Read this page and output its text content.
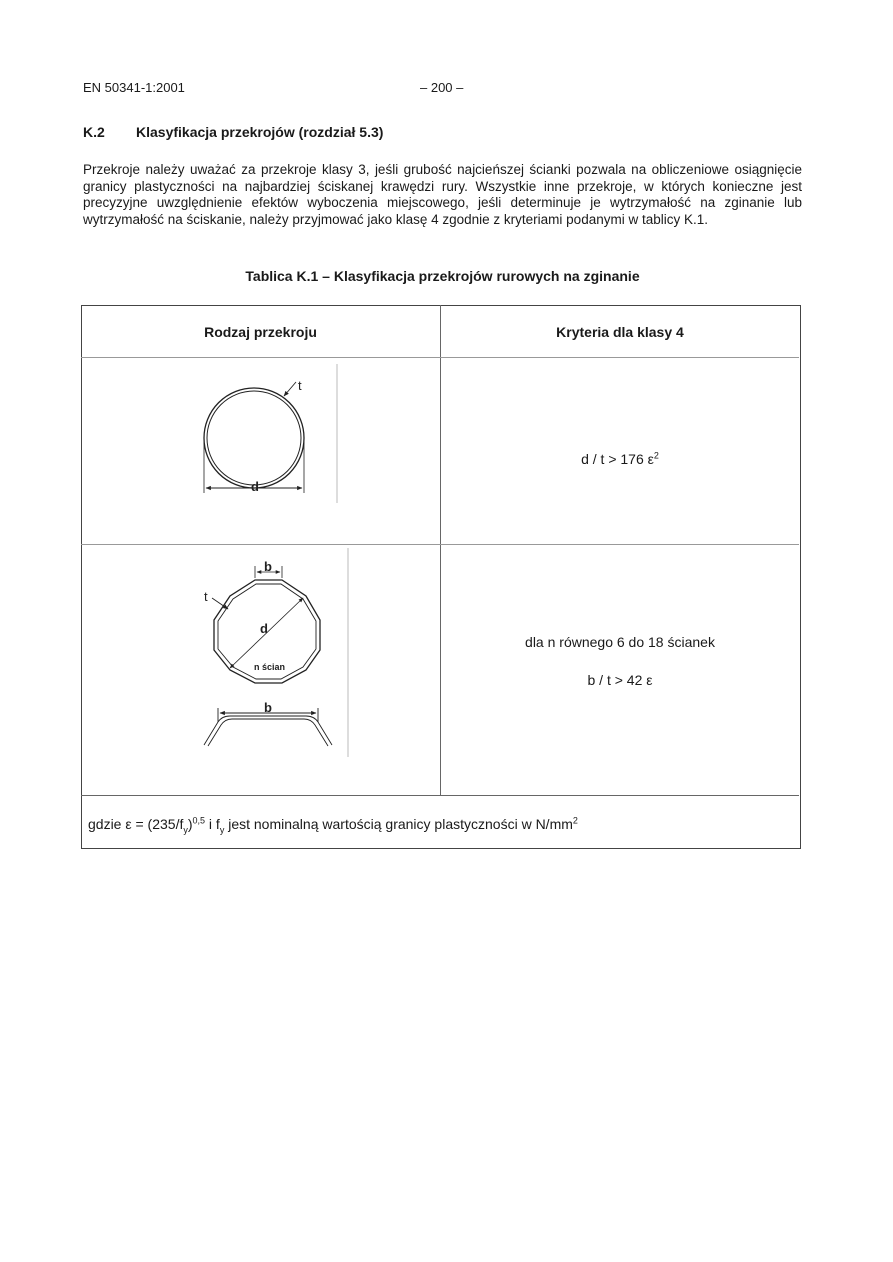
EN 50341-1:2001	– 200 –
K.2 Klasyfikacja przekrojów (rozdział 5.3)
Przekroje należy uważać za przekroje klasy 3, jeśli grubość najcieńszej ścianki pozwala na obliczeniowe osiągnięcie granicy plastyczności na najbardziej ściskanej krawędzi rury. Wszystkie inne przekroje, w których konieczne jest precyzyjne uwzględnienie efektów wyboczenia miejscowego, jeśli determinuje je wytrzymałość na zginanie lub wytrzymałość na ściskanie, należy przyjmować jako klasę 4 zgodnie z kryteriami podanymi w tablicy K.1.
Tablica K.1 – Klasyfikacja przekrojów rurowych na zginanie
Rodzaj przekroju	Kryteria dla klasy 4
t
d
b
t
d
n ścian
b
d / t > 176 $\varepsilon^2$
dla n równego 6 do 18 ścianek
b / t > 42 ε
gdzie $\varepsilon = (235/f_y)^{0,5}$ i $f_y$ jest nominalną wartością granicy plastyczności w $N/mm^2$
